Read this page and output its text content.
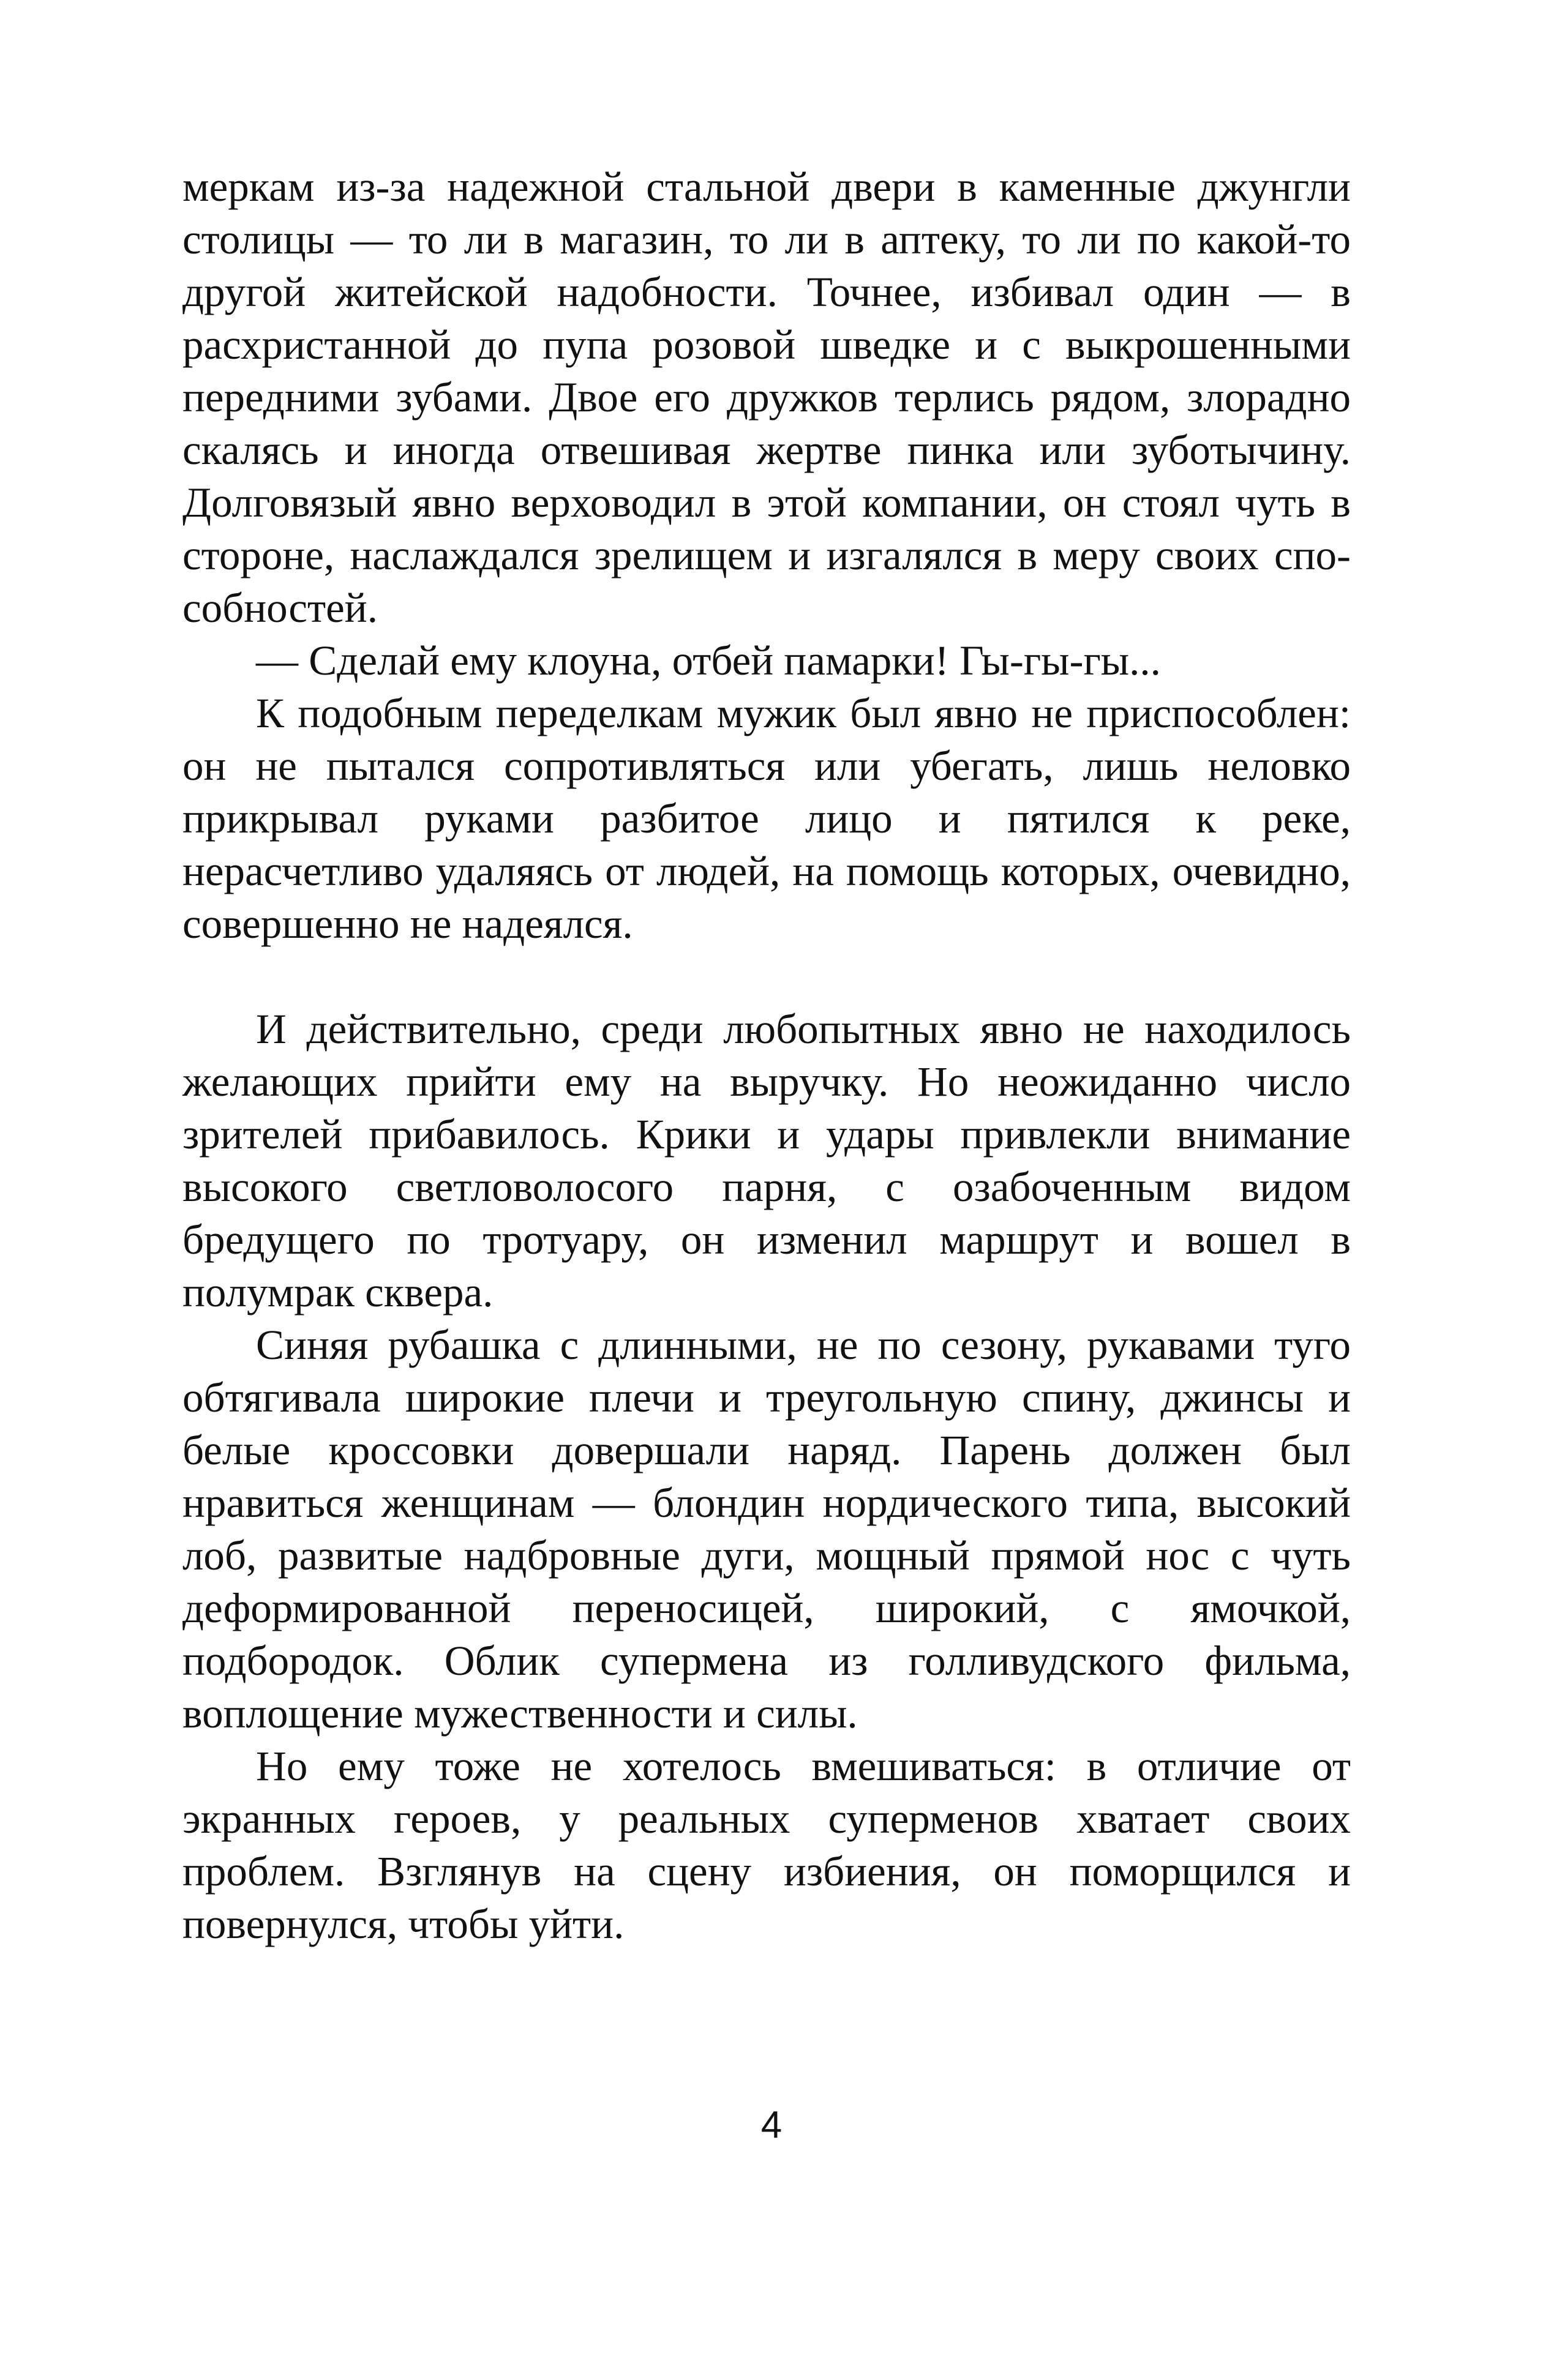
меркам из-за надежной стальной двери в каменные джунгли столицы — то ли в магазин, то ли в аптеку, то ли по какой-то другой житейской надобности. Точнее, избивал один — в расхристанной до пупа розовой шведке и с выкрошенными передними зубами. Двое его дружков терлись рядом, злорадно скалясь и иногда отвешивая жертве пинка или зуботычину. Долговязый явно верховодил в этой компании, он стоял чуть в стороне, наслаждался зрелищем и изгалялся в меру своих способностей.

— Сделай ему клоуна, отбей памарки! Гы-гы-гы...

К подобным переделкам мужик был явно не приспособлен: он не пытался сопротивляться или убегать, лишь неловко прикрывал руками разбитое лицо и пятился к реке, нерасчетливо удаляясь от людей, на помощь которых, очевидно, совершенно не надеялся.

И действительно, среди любопытных явно не находилось желающих прийти ему на выручку. Но неожиданно число зрителей прибавилось. Крики и удары привлекли внимание высокого светловолосого парня, с озабоченным видом бредущего по тротуару, он изменил маршрут и вошел в полумрак сквера.

Синяя рубашка с длинными, не по сезону, рукавами туго обтягивала широкие плечи и треугольную спину, джинсы и белые кроссовки довершали наряд. Парень должен был нравиться женщинам — блондин нордического типа, высокий лоб, развитые надбровные дуги, мощный прямой нос с чуть деформированной переносицей, широкий, с ямочкой, подбородок. Облик супермена из голливудского фильма, воплощение мужественности и силы.

Но ему тоже не хотелось вмешиваться: в отличие от экранных героев, у реальных суперменов хватает своих проблем. Взглянув на сцену избиения, он поморщился и повернулся, чтобы уйти.

4
